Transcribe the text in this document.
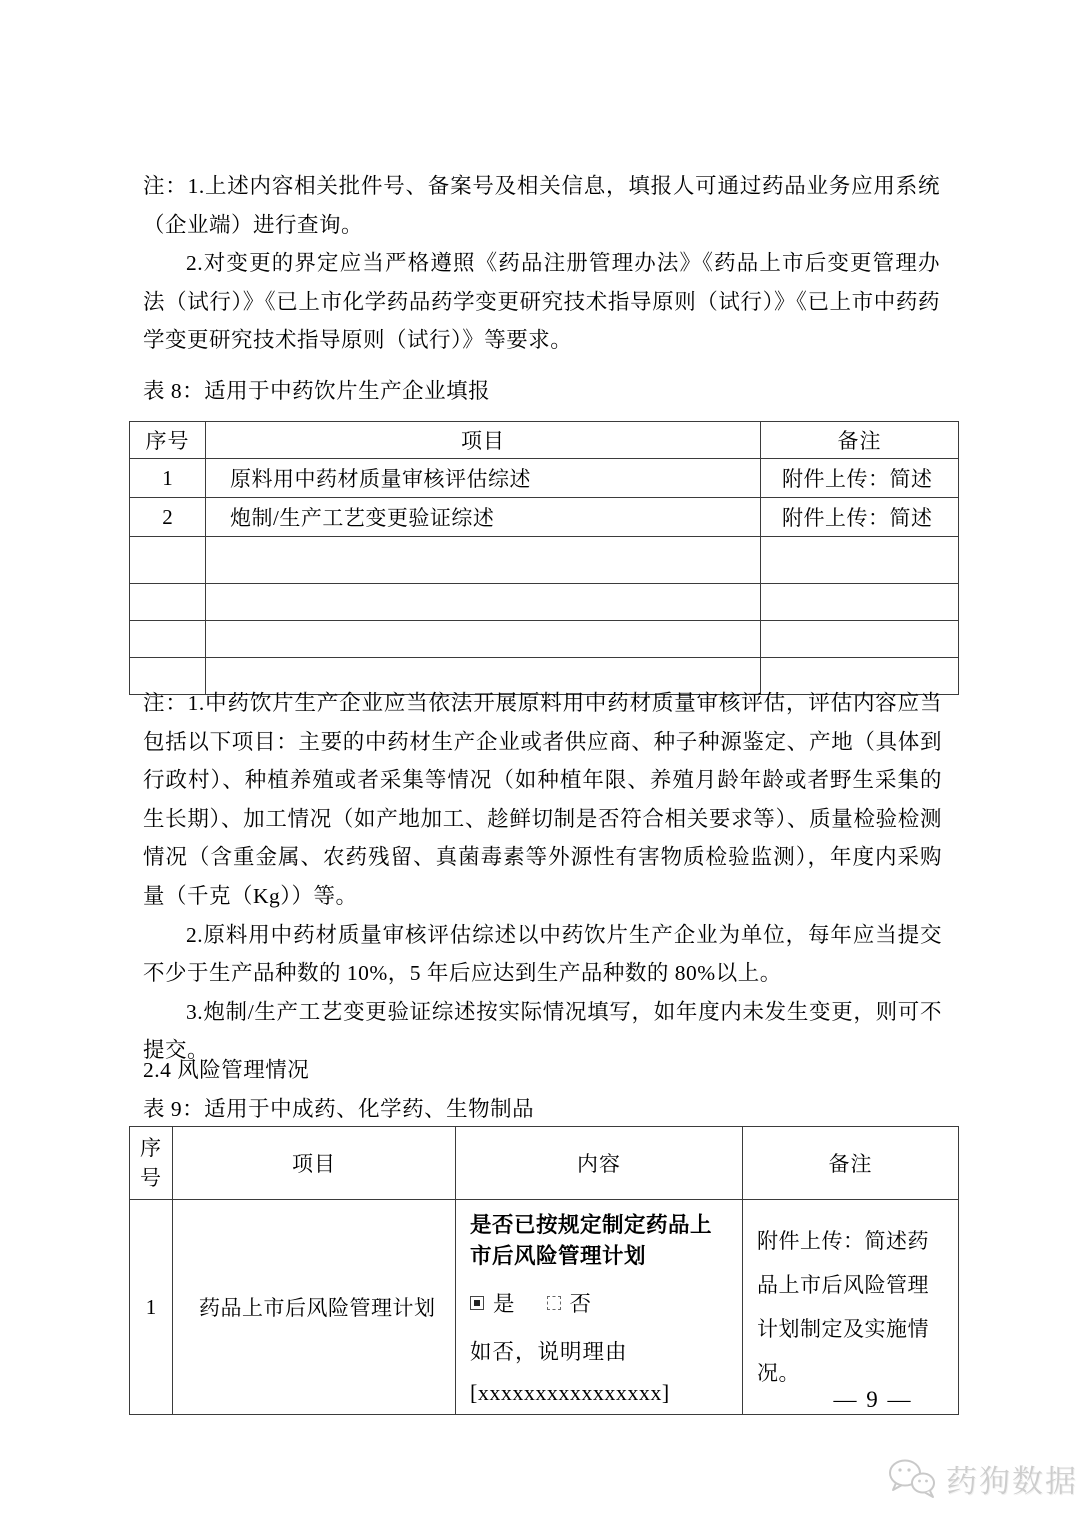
注：1.上述内容相关批件号、备案号及相关信息，填报人可通过药品业务应用系统（企业端）进行查询。
2.对变更的界定应当严格遵照《药品注册管理办法》《药品上市后变更管理办法（试行）》《已上市化学药品药学变更研究技术指导原则（试行）》《已上市中药药学变更研究技术指导原则（试行）》等要求。
表 8：适用于中药饮片生产企业填报
序号	项目	备注
1	原料用中药材质量审核评估综述	附件上传：简述
2	炮制/生产工艺变更验证综述	附件上传：简述

注：1.中药饮片生产企业应当依法开展原料用中药材质量审核评估，评估内容应当包括以下项目：主要的中药材生产企业或者供应商、种子种源鉴定、产地（具体到行政村）、种植养殖或者采集等情况（如种植年限、养殖月龄年龄或者野生采集的生长期）、加工情况（如产地加工、趁鲜切制是否符合相关要求等）、质量检验检测情况（含重金属、农药残留、真菌毒素等外源性有害物质检验监测），年度内采购量（千克（Kg））等。
2.原料用中药材质量审核评估综述以中药饮片生产企业为单位，每年应当提交不少于生产品种数的 10%，5 年后应达到生产品种数的 80%以上。
3.炮制/生产工艺变更验证综述按实际情况填写，如年度内未发生变更，则可不提交。
2.4 风险管理情况
表 9：适用于中成药、化学药、生物制品
序号	项目	内容	备注
1	药品上市后风险管理计划	是否已按规定制定药品上市后风险管理计划
是 否
如否，说明理由
[xxxxxxxxxxxxxxxx]	附件上传：简述药品上市后风险管理计划制定及实施情况。
— 9 —
药狗数据
